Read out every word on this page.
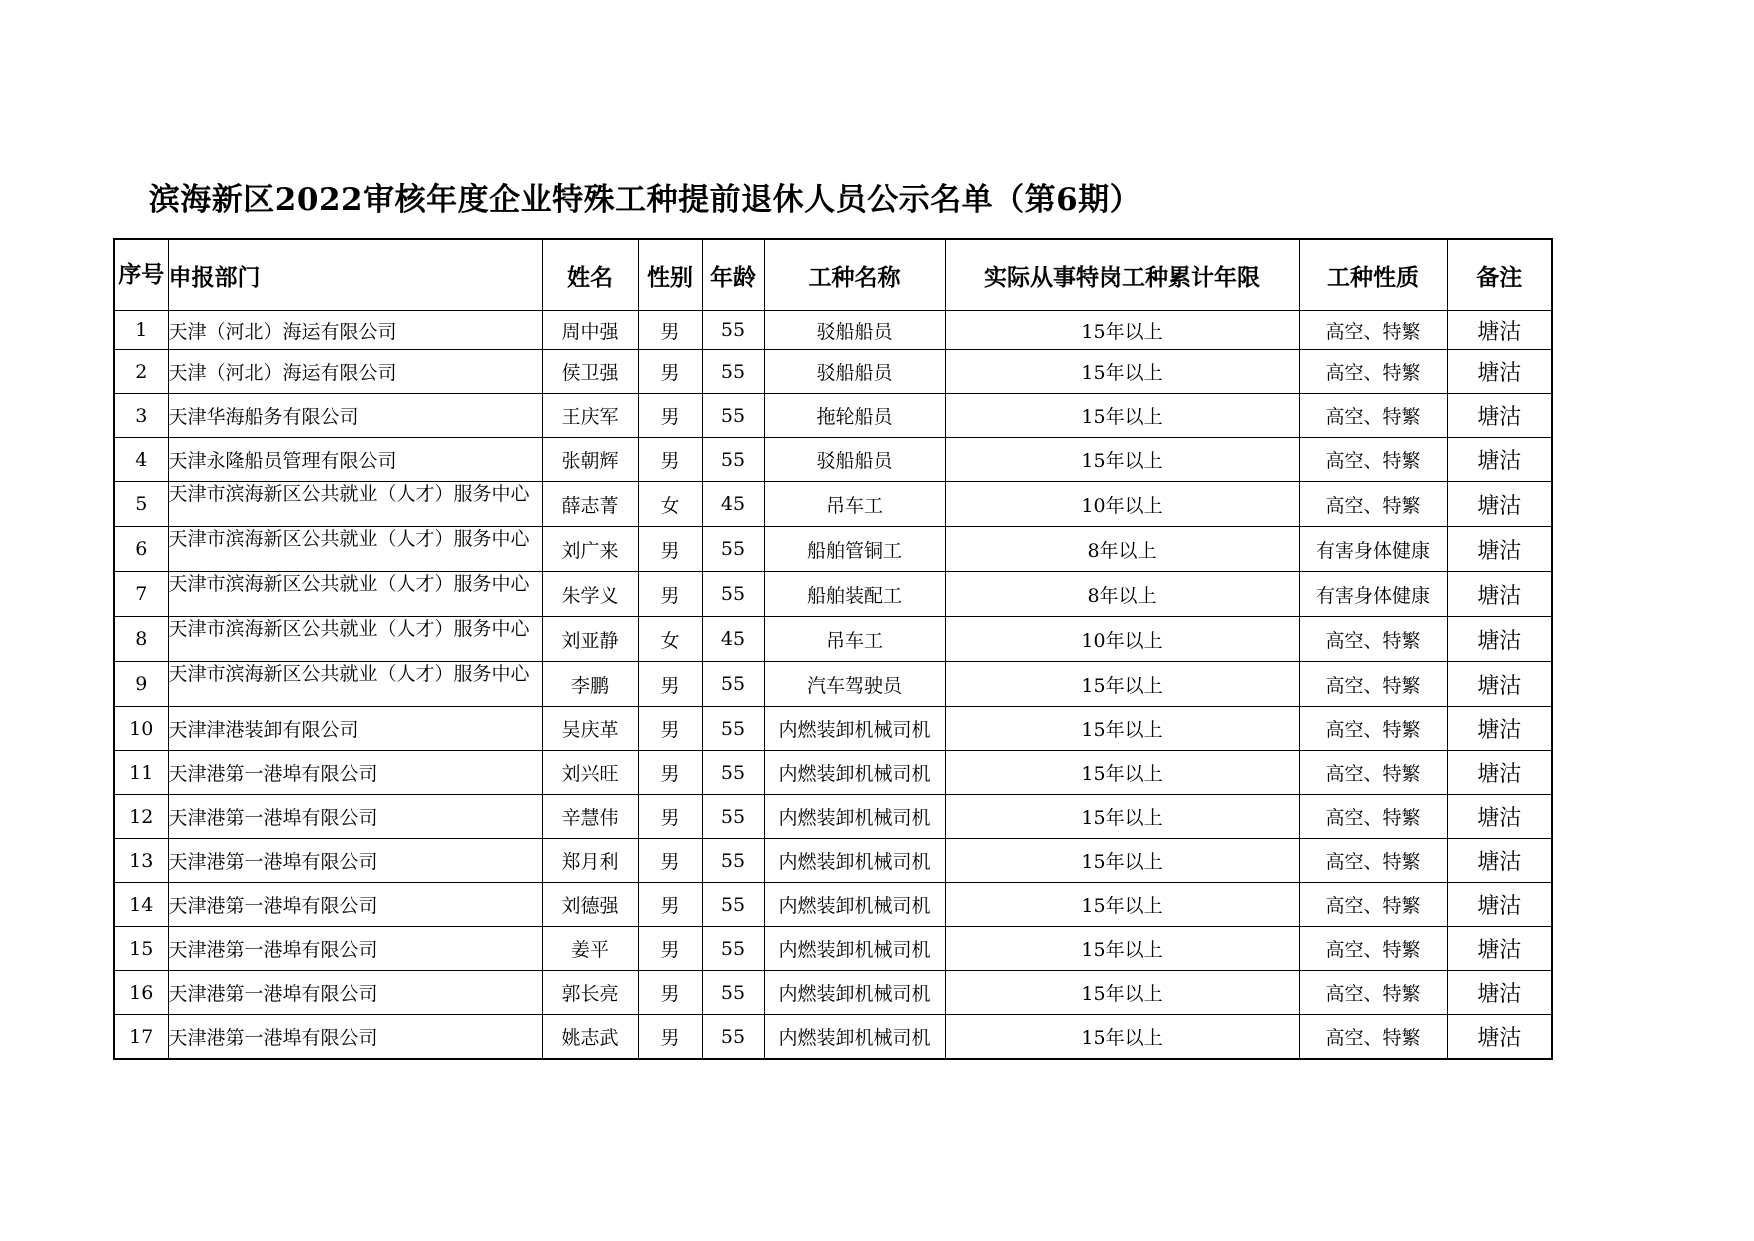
滨海新区2022审核年度企业特殊工种提前退休人员公示名单（第6期）
序号	申报部门	姓名	性别	年龄	工种名称	实际从事特岗工种累计年限	工种性质	备注
1	天津（河北）海运有限公司	周中强	男	55	驳船船员	15年以上	高空、特繁	塘沽
2	天津（河北）海运有限公司	侯卫强	男	55	驳船船员	15年以上	高空、特繁	塘沽
3	天津华海船务有限公司	王庆军	男	55	拖轮船员	15年以上	高空、特繁	塘沽
4	天津永隆船员管理有限公司	张朝辉	男	55	驳船船员	15年以上	高空、特繁	塘沽
5	天津市滨海新区公共就业（人才）服务中心	薛志菁	女	45	吊车工	10年以上	高空、特繁	塘沽
6	天津市滨海新区公共就业（人才）服务中心	刘广来	男	55	船舶管铜工	8年以上	有害身体健康	塘沽
7	天津市滨海新区公共就业（人才）服务中心	朱学义	男	55	船舶装配工	8年以上	有害身体健康	塘沽
8	天津市滨海新区公共就业（人才）服务中心	刘亚静	女	45	吊车工	10年以上	高空、特繁	塘沽
9	天津市滨海新区公共就业（人才）服务中心	李鹏	男	55	汽车驾驶员	15年以上	高空、特繁	塘沽
10	天津津港装卸有限公司	吴庆革	男	55	内燃装卸机械司机	15年以上	高空、特繁	塘沽
11	天津港第一港埠有限公司	刘兴旺	男	55	内燃装卸机械司机	15年以上	高空、特繁	塘沽
12	天津港第一港埠有限公司	辛慧伟	男	55	内燃装卸机械司机	15年以上	高空、特繁	塘沽
13	天津港第一港埠有限公司	郑月利	男	55	内燃装卸机械司机	15年以上	高空、特繁	塘沽
14	天津港第一港埠有限公司	刘德强	男	55	内燃装卸机械司机	15年以上	高空、特繁	塘沽
15	天津港第一港埠有限公司	姜平	男	55	内燃装卸机械司机	15年以上	高空、特繁	塘沽
16	天津港第一港埠有限公司	郭长亮	男	55	内燃装卸机械司机	15年以上	高空、特繁	塘沽
17	天津港第一港埠有限公司	姚志武	男	55	内燃装卸机械司机	15年以上	高空、特繁	塘沽
